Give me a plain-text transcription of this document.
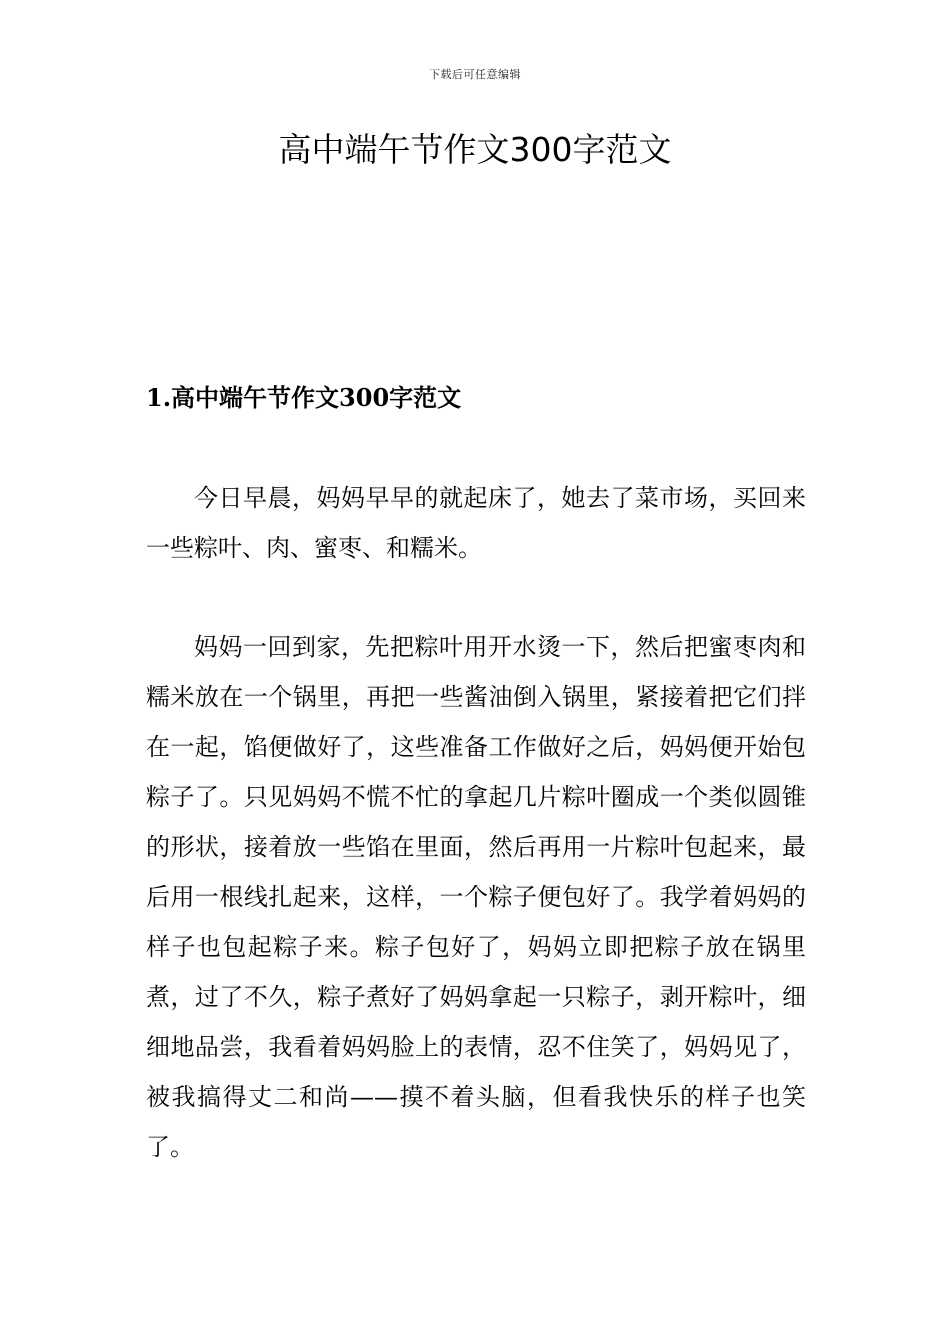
下载后可任意编辑
高中端午节作文300字范文
1.高中端午节作文300字范文

今日早晨，妈妈早早的就起床了，她去了菜市场，买回来一些粽叶、肉、蜜枣、和糯米。

妈妈一回到家，先把粽叶用开水烫一下，然后把蜜枣肉和糯米放在一个锅里，再把一些酱油倒入锅里，紧接着把它们拌在一起，馅便做好了，这些准备工作做好之后，妈妈便开始包粽子了。只见妈妈不慌不忙的拿起几片粽叶圈成一个类似圆锥的形状，接着放一些馅在里面，然后再用一片粽叶包起来，最后用一根线扎起来，这样，一个粽子便包好了。我学着妈妈的样子也包起粽子来。粽子包好了，妈妈立即把粽子放在锅里煮，过了不久，粽子煮好了妈妈拿起一只粽子，剥开粽叶，细细地品尝，我看着妈妈脸上的表情，忍不住笑了，妈妈见了，被我搞得丈二和尚——摸不着头脑，但看我快乐的样子也笑了。
